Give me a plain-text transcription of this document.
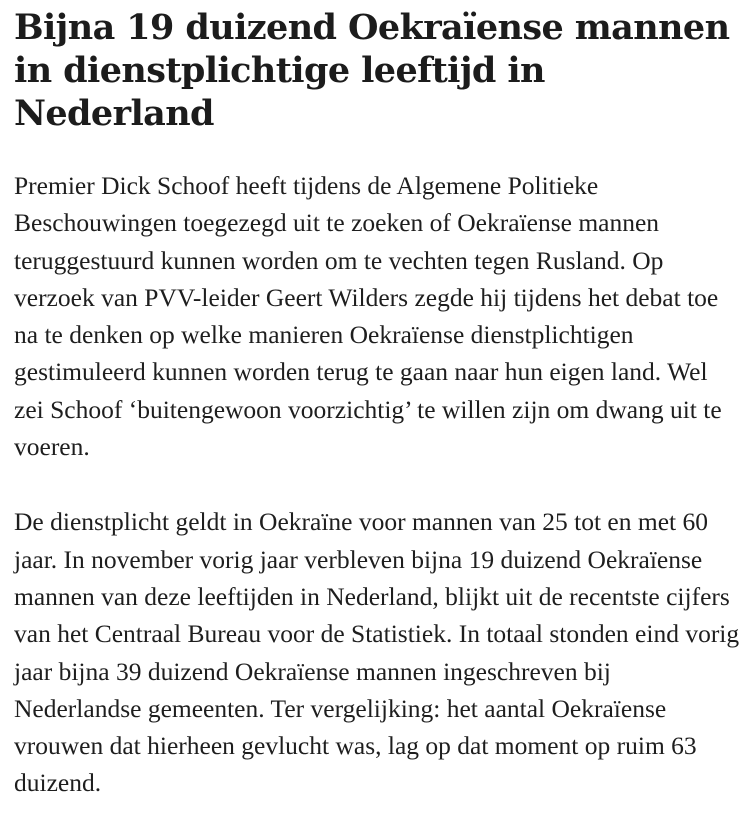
Bijna 19 duizend Oekraïense mannen in dienstplichtige leeftijd in Nederland

Premier Dick Schoof heeft tijdens de Algemene Politieke Beschouwingen toegezegd uit te zoeken of Oekraïense mannen teruggestuurd kunnen worden om te vechten tegen Rusland. Op verzoek van PVV-leider Geert Wilders zegde hij tijdens het debat toe na te denken op welke manieren Oekraïense dienstplichtigen gestimuleerd kunnen worden terug te gaan naar hun eigen land. Wel zei Schoof ‘buitengewoon voorzichtig’ te willen zijn om dwang uit te voeren.

De dienstplicht geldt in Oekraïne voor mannen van 25 tot en met 60 jaar. In november vorig jaar verbleven bijna 19 duizend Oekraïense mannen van deze leeftijden in Nederland, blijkt uit de recentste cijfers van het Centraal Bureau voor de Statistiek. In totaal stonden eind vorig jaar bijna 39 duizend Oekraïense mannen ingeschreven bij Nederlandse gemeenten. Ter vergelijking: het aantal Oekraïense vrouwen dat hierheen gevlucht was, lag op dat moment op ruim 63 duizend.
